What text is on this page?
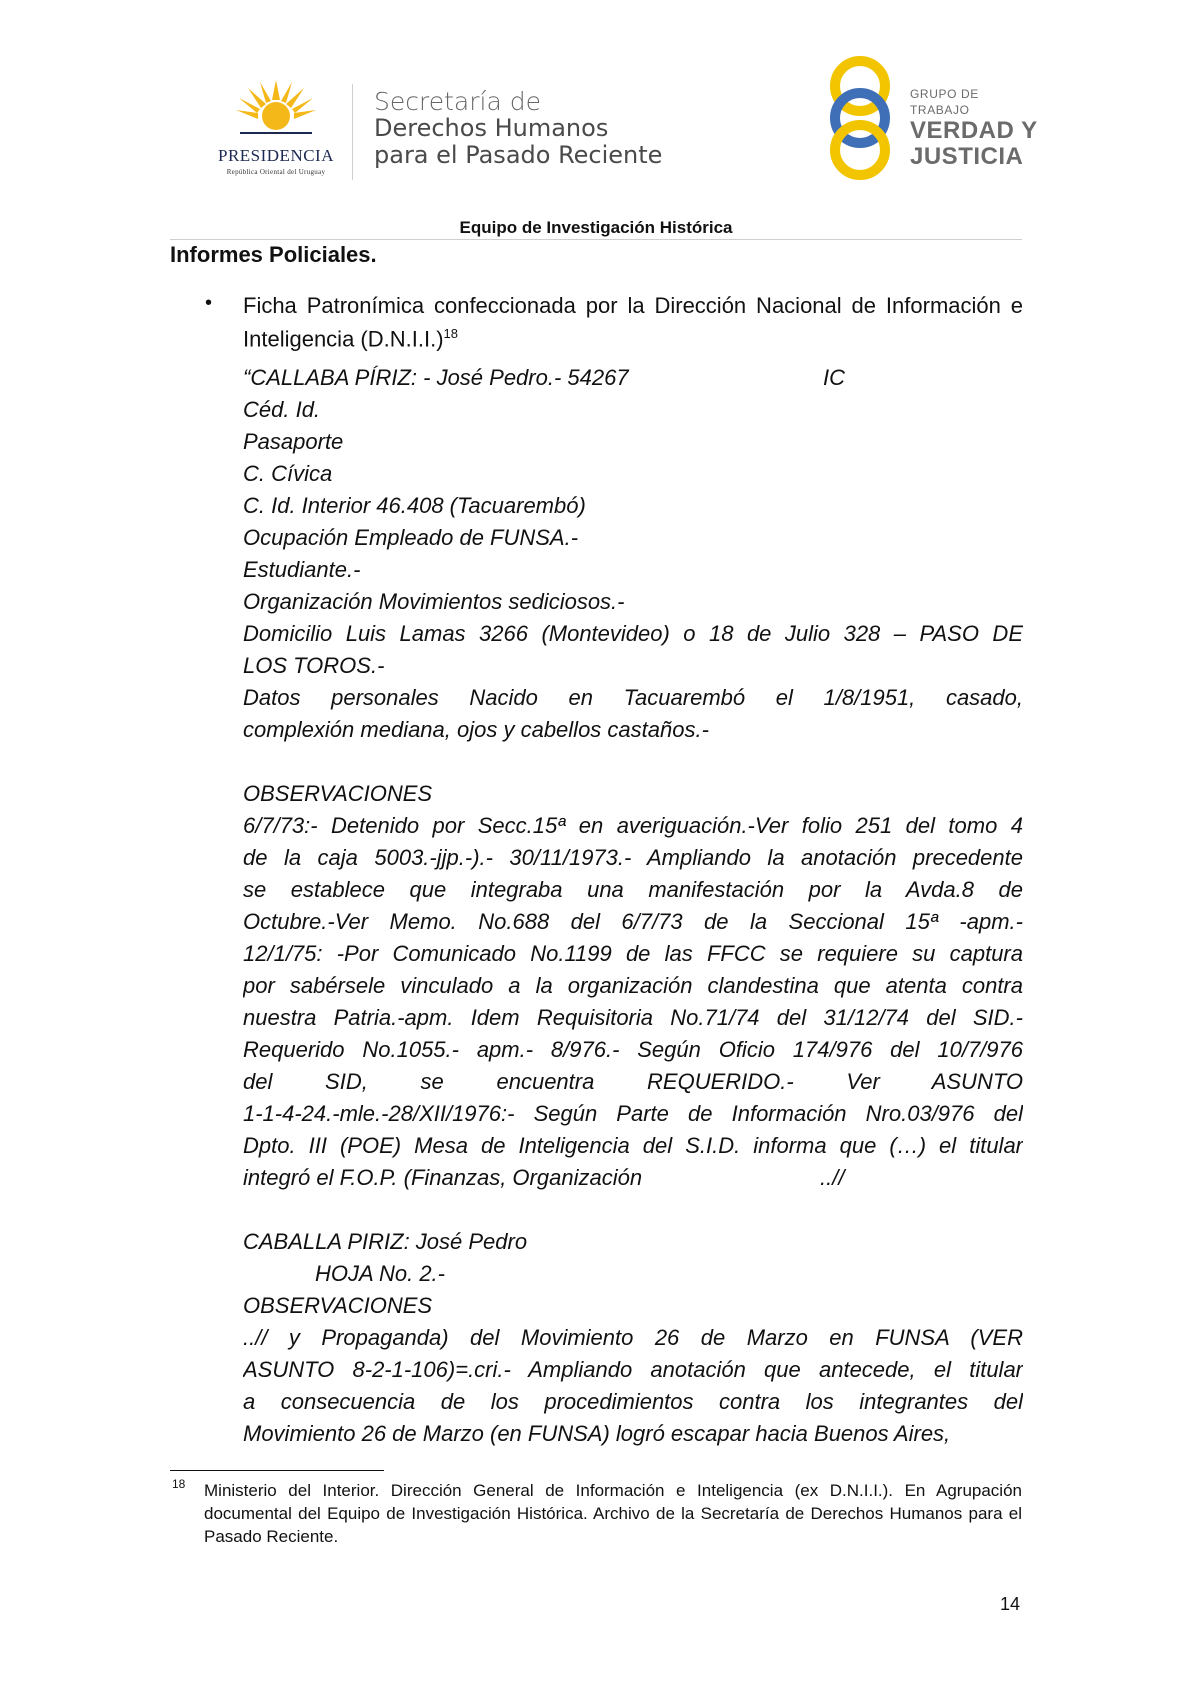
PRESIDENCIA
República Oriental del Uruguay
Secretaría de
Derechos Humanos
para el Pasado Reciente
GRUPO DE TRABAJO
VERDAD Y
JUSTICIA
Equipo de Investigación Histórica
Informes Policiales.
• Ficha Patronímica confeccionada por la Dirección Nacional de Información e Inteligencia $(D.N.I.I.)^{18}$
“CALLABA PÍRIZ: - José Pedro.- 54267	IC
Céd. Id.
Pasaporte
C. Cívica
C. Id. Interior 46.408 (Tacuarembó)
Ocupación Empleado de FUNSA.-
Estudiante.-
Organización Movimientos sediciosos.-
Domicilio Luis Lamas 3266 (Montevideo) o 18 de Julio 328 – PASO DE
LOS TOROS.-
Datos personales Nacido en Tacuarembó el 1/8/1951, casado,
complexión mediana, ojos y cabellos castaños.-
OBSERVACIONES
6/7/73:- Detenido por Secc.15ª en averiguación.-Ver folio 251 del tomo 4
de la caja 5003.-jjp.-).- 30/11/1973.- Ampliando la anotación precedente
se establece que integraba una manifestación por la Avda.8 de
Octubre.-Ver Memo. No.688 del 6/7/73 de la Seccional 15ª -apm.-
12/1/75: -Por Comunicado No.1199 de las FFCC se requiere su captura
por sabérsele vinculado a la organización clandestina que atenta contra
nuestra Patria.-apm. Idem Requisitoria No.71/74 del 31/12/74 del SID.-
Requerido No.1055.- apm.- 8/976.- Según Oficio 174/976 del 10/7/976
del SID, se encuentra REQUERIDO.- Ver ASUNTO
1-1-4-24.-mle.-28/XII/1976:- Según Parte de Información Nro.03/976 del
Dpto. III (POE) Mesa de Inteligencia del S.I.D. informa que (…) el titular
integró el F.O.P. (Finanzas, Organización	..//
CABALLA PIRIZ: José Pedro
HOJA No. 2.-
OBSERVACIONES
..// y Propaganda) del Movimiento 26 de Marzo en FUNSA (VER
ASUNTO 8-2-1-106)=.cri.- Ampliando anotación que antecede, el titular
a consecuencia de los procedimientos contra los integrantes del
Movimiento 26 de Marzo (en FUNSA) logró escapar hacia Buenos Aires,
18 Ministerio del Interior. Dirección General de Información e Inteligencia (ex D.N.I.I.). En Agrupación documental del Equipo de Investigación Histórica. Archivo de la Secretaría de Derechos Humanos para el Pasado Reciente.
14
